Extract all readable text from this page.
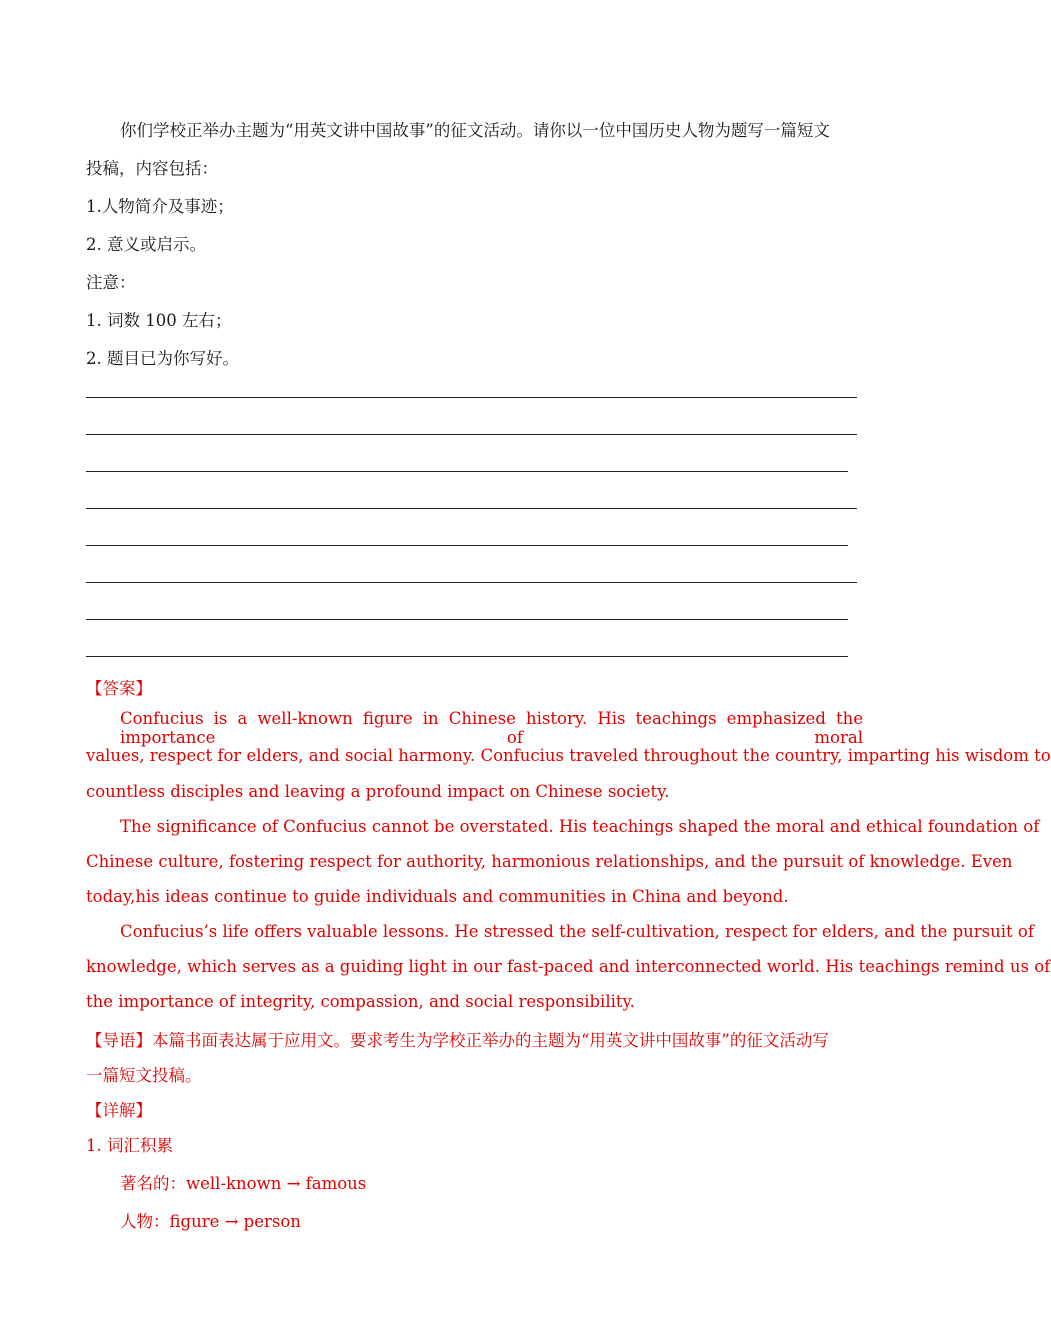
你们学校正举办主题为“用英文讲中国故事”的征文活动。请你以一位中国历史人物为题写一篇短文
投稿，内容包括：
1.人物简介及事迹；
2. 意义或启示。
注意：
1. 词数 100 左右；
2. 题目已为你写好。
【答案】
Confucius is a well-known figure in Chinese history. His teachings emphasized the importance of moral
values, respect for elders, and social harmony. Confucius traveled throughout the country, imparting his wisdom to
countless disciples and leaving a profound impact on Chinese society.
The significance of Confucius cannot be overstated. His teachings shaped the moral and ethical foundation of
Chinese culture, fostering respect for authority, harmonious relationships, and the pursuit of knowledge. Even
today,his ideas continue to guide individuals and communities in China and beyond.
Confucius’s life offers valuable lessons. He stressed the self-cultivation, respect for elders, and the pursuit of
knowledge, which serves as a guiding light in our fast-paced and interconnected world. His teachings remind us of
the importance of integrity, compassion, and social responsibility.
【导语】本篇书面表达属于应用文。要求考生为学校正举办的主题为“用英文讲中国故事”的征文活动写
一篇短文投稿。
【详解】
1. 词汇积累
著名的：well-known → famous
人物：figure → person
